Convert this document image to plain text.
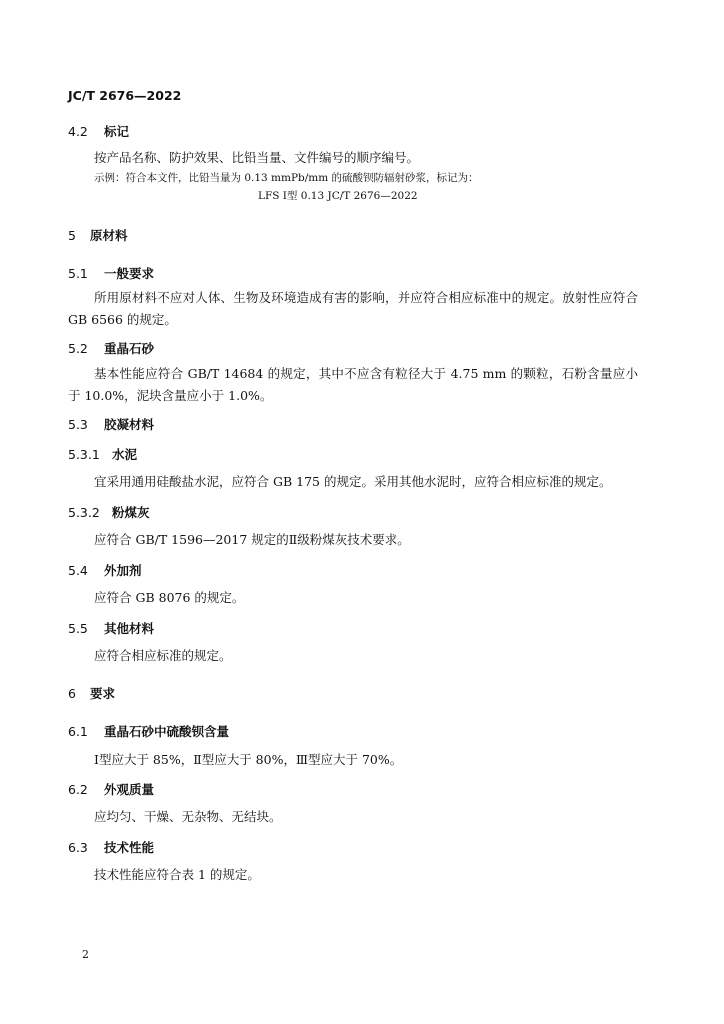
JC/T 2676—2022
4.2 标记
按产品名称、防护效果、比铅当量、文件编号的顺序编号。
示例：符合本文件，比铅当量为 0.13 mmPb/mm 的硫酸钡防辐射砂浆，标记为：
LFS Ⅰ型 0.13 JC/T 2676—2022
5 原材料
5.1 一般要求
所用原材料不应对人体、生物及环境造成有害的影响，并应符合相应标准中的规定。放射性应符合 GB 6566 的规定。
5.2 重晶石砂
基本性能应符合 GB/T 14684 的规定，其中不应含有粒径大于 4.75 mm 的颗粒，石粉含量应小于 10.0%，泥块含量应小于 1.0%。
5.3 胶凝材料
5.3.1 水泥
宜采用通用硅酸盐水泥，应符合 GB 175 的规定。采用其他水泥时，应符合相应标准的规定。
5.3.2 粉煤灰
应符合 GB/T 1596—2017 规定的Ⅱ级粉煤灰技术要求。
5.4 外加剂
应符合 GB 8076 的规定。
5.5 其他材料
应符合相应标准的规定。
6 要求
6.1 重晶石砂中硫酸钡含量
Ⅰ型应大于 85%，Ⅱ型应大于 80%，Ⅲ型应大于 70%。
6.2 外观质量
应均匀、干燥、无杂物、无结块。
6.3 技术性能
技术性能应符合表 1 的规定。
2
